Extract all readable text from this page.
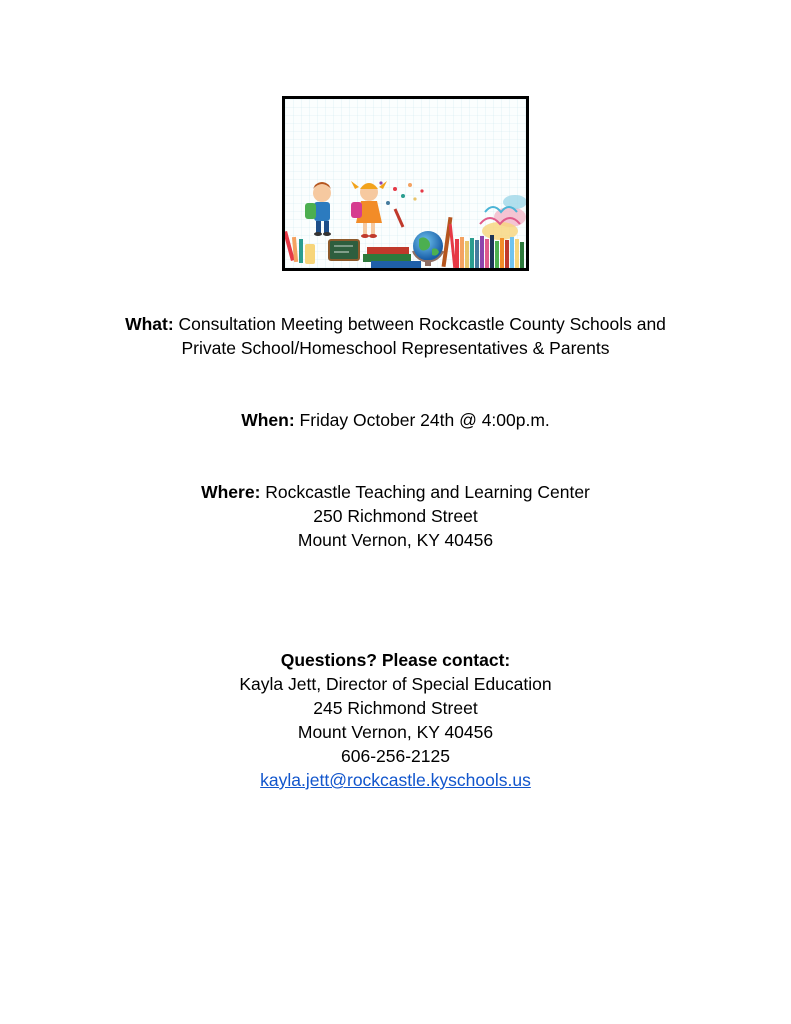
What: Consultation Meeting between Rockcastle County Schools and
Private School/Homeschool Representatives & Parents
When: Friday October 24th @ 4:00p.m.
Where: Rockcastle Teaching and Learning Center
250 Richmond Street
Mount Vernon, KY 40456
Questions? Please contact:
Kayla Jett, Director of Special Education
245 Richmond Street
Mount Vernon, KY 40456
606-256-2125
kayla.jett@rockcastle.kyschools.us
